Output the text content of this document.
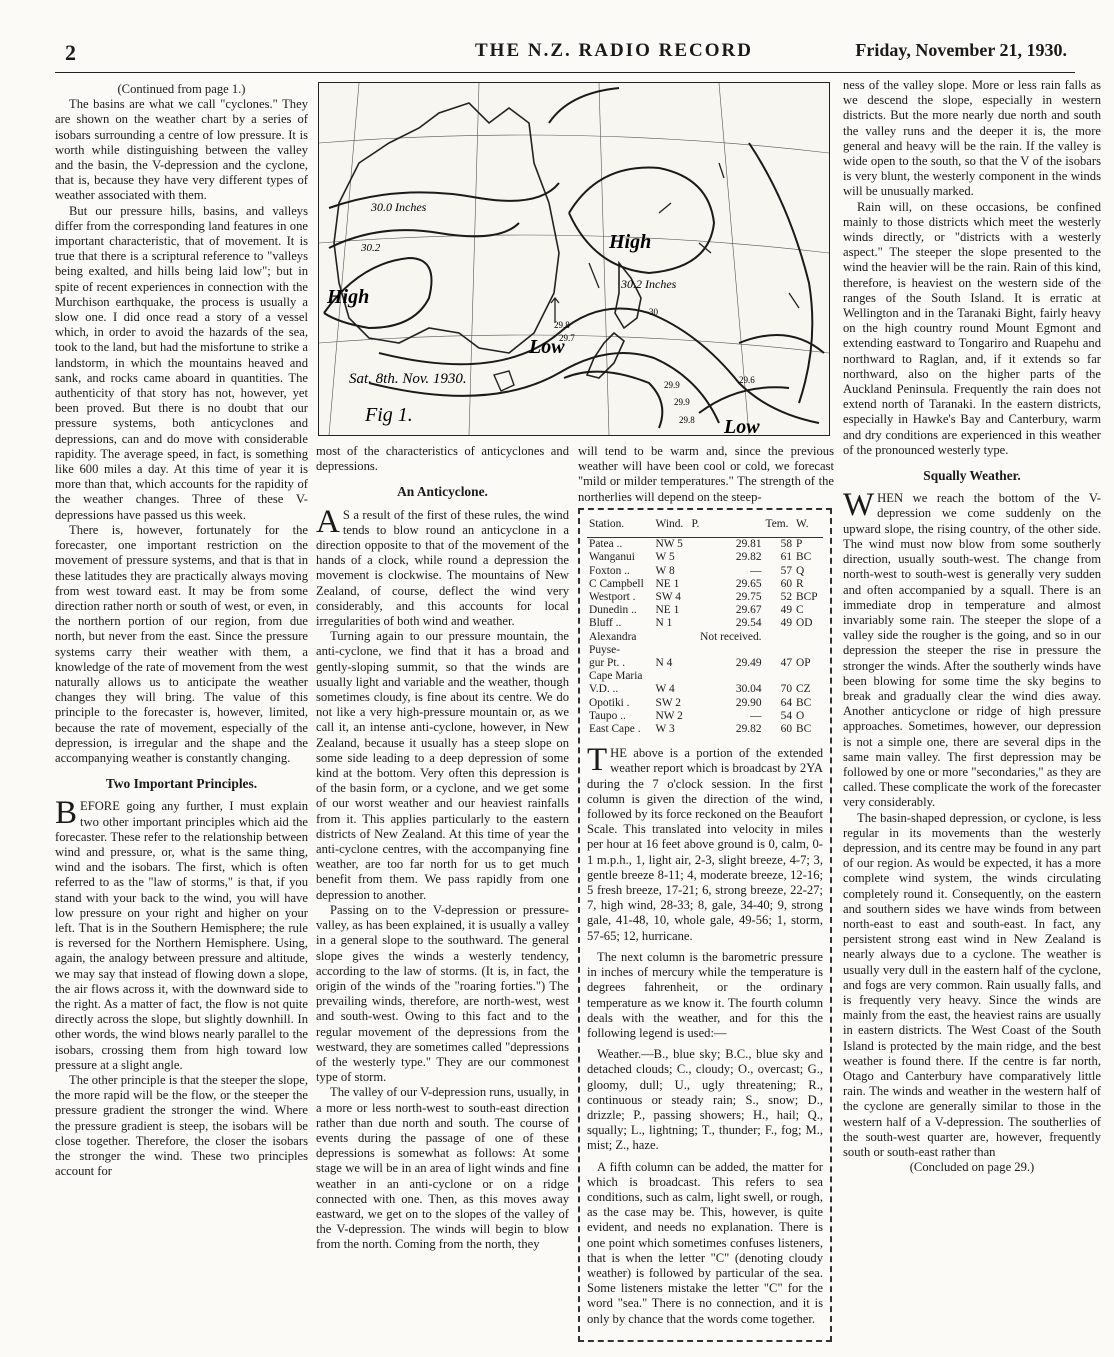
2	THE N.Z. RADIO RECORD	Friday, November 21, 1930.

(Continued from page 1.)

The basins are what we call "cyclones." They are shown on the weather chart by a series of isobars surrounding a centre of low pressure. It is worth while distinguishing between the valley and the basin, the V-depression and the cyclone, that is, because they have very different types of weather associated with them.

But our pressure hills, basins, and valleys differ from the corresponding land features in one important characteristic, that of movement. It is true that there is a scriptural reference to "valleys being exalted, and hills being laid low"; but in spite of recent experiences in connection with the Murchison earthquake, the process is usually a slow one. I did once read a story of a vessel which, in order to avoid the hazards of the sea, took to the land, but had the misfortune to strike a landstorm, in which the mountains heaved and sank, and rocks came aboard in quantities. The authenticity of that story has not, however, yet been proved. But there is no doubt that our pressure systems, both anticyclones and depressions, can and do move with considerable rapidity. The average speed, in fact, is something like 600 miles a day. At this time of year it is more than that, which accounts for the rapidity of the weather changes. Three of these V-depressions have passed us this week.

There is, however, fortunately for the forecaster, one important restriction on the movement of pressure systems, and that is that in these latitudes they are practically always moving from west toward east. It may be from some direction rather north or south of west, or even, in the northern portion of our region, from due north, but never from the east. Since the pressure systems carry their weather with them, a knowledge of the rate of movement from the west naturally allows us to anticipate the weather changes they will bring. The value of this principle to the forecaster is, however, limited, because the rate of movement, especially of the depression, is irregular and the shape and the accompanying weather is constantly changing.

Two Important Principles.

BEFORE going any further, I must explain two other important principles which aid the forecaster. These refer to the relationship between wind and pressure, or, what is the same thing, wind and the isobars. The first, which is often referred to as the "law of storms," is that, if you stand with your back to the wind, you will have low pressure on your right and higher on your left. That is in the Southern Hemisphere; the rule is reversed for the Northern Hemisphere. Using, again, the analogy between pressure and altitude, we may say that instead of flowing down a slope, the air flows across it, with the downward side to the right. As a matter of fact, the flow is not quite directly across the slope, but slightly downhill. In other words, the wind blows nearly parallel to the isobars, crossing them from high toward low pressure at a slight angle.

The other principle is that the steeper the slope, the more rapid will be the flow, or the steeper the pressure gradient the stronger the wind. Where the pressure gradient is steep, the isobars will be close together. Therefore, the closer the isobars the stronger the wind. These two principles account for

30.0 Inches
30.2
High
High
30.2 Inches
Low
Low
Sat. 8th. Nov. 1930.
Fig 1.
29.8
29.7
30
29.9
29.9
29.6
29.8

most of the characteristics of anticyclones and depressions.

An Anticyclone.

A S a result of the first of these rules, the wind tends to blow round an anticyclone in a direction opposite to that of the movement of the hands of a clock, while round a depression the movement is clockwise. The mountains of New Zealand, of course, deflect the wind very considerably, and this accounts for local irregularities of both wind and weather.

Turning again to our pressure mountain, the anti-cyclone, we find that it has a broad and gently-sloping summit, so that the winds are usually light and variable and the weather, though sometimes cloudy, is fine about its centre. We do not like a very high-pressure mountain or, as we call it, an intense anti-cyclone, however, in New Zealand, because it usually has a steep slope on some side leading to a deep depression of some kind at the bottom. Very often this depression is of the basin form, or a cyclone, and we get some of our worst weather and our heaviest rainfalls from it. This applies particularly to the eastern districts of New Zealand. At this time of year the anti-cyclone centres, with the accompanying fine weather, are too far north for us to get much benefit from them. We pass rapidly from one depression to another.

Passing on to the V-depression or pressure-valley, as has been explained, it is usually a valley in a general slope to the southward. The general slope gives the winds a westerly tendency, according to the law of storms. (It is, in fact, the origin of the winds of the "roaring forties.") The prevailing winds, therefore, are north-west, west and south-west. Owing to this fact and to the regular movement of the depressions from the westward, they are sometimes called "depressions of the westerly type." They are our commonest type of storm.

The valley of our V-depression runs, usually, in a more or less north-west to south-east direction rather than due north and south. The course of events during the passage of one of these depressions is somewhat as follows: At some stage we will be in an area of light winds and fine weather in an anti-cyclone or on a ridge connected with one. Then, as this moves away eastward, we get on to the slopes of the valley of the V-depression. The winds will begin to blow from the north. Coming from the north, they

will tend to be warm and, since the previous weather will have been cool or cold, we forecast "mild or milder temperatures." The strength of the northerlies will depend on the steep-

Station.	Wind.	P.	Tem.	W.
Patea ..	NW 5	29.81	58	P
Wanganui	W 5	29.82	61	BC
Foxton ..	W 8	—	57	Q
C Campbell	NE 1	29.65	60	R
Westport .	SW 4	29.75	52	BCP
Dunedin ..	NE 1	29.67	49	C
Bluff ..	N 1	29.54	49	OD
Alexandra		Not received.		
Puyse-				
gur Pt. .	N 4	29.49	47	OP
Cape Maria				
V.D. ..	W 4	30.04	70	CZ
Opotiki .	SW 2	29.90	64	BC
Taupo ..	NW 2	—	54	O
East Cape .	W 3	29.82	60	BC

THE above is a portion of the extended weather report which is broadcast by 2YA during the 7 o'clock session. In the first column is given the direction of the wind, followed by its force reckoned on the Beaufort Scale. This translated into velocity in miles per hour at 16 feet above ground is 0, calm, 0-1 m.p.h., 1, light air, 2-3, slight breeze, 4-7; 3, gentle breeze 8-11; 4, moderate breeze, 12-16; 5 fresh breeze, 17-21; 6, strong breeze, 22-27; 7, high wind, 28-33; 8, gale, 34-40; 9, strong gale, 41-48, 10, whole gale, 49-56; 1, storm, 57-65; 12, hurricane.

The next column is the barometric pressure in inches of mercury while the temperature is degrees fahrenheit, or the ordinary temperature as we know it. The fourth column deals with the weather, and for this the following legend is used:—

Weather.—B., blue sky; B.C., blue sky and detached clouds; C., cloudy; O., overcast; G., gloomy, dull; U., ugly threatening; R., continuous or steady rain; S., snow; D., drizzle; P., passing showers; H., hail; Q., squally; L., lightning; T., thunder; F., fog; M., mist; Z., haze.

A fifth column can be added, the matter for which is broadcast. This refers to sea conditions, such as calm, light swell, or rough, as the case may be. This, however, is quite evident, and needs no explanation. There is one point which sometimes confuses listeners, that is when the letter "C" (denoting cloudy weather) is followed by particular of the sea. Some listeners mistake the letter "C" for the word "sea." There is no connection, and it is only by chance that the words come together.

ness of the valley slope. More or less rain falls as we descend the slope, especially in western districts. But the more nearly due north and south the valley runs and the deeper it is, the more general and heavy will be the rain. If the valley is wide open to the south, so that the V of the isobars is very blunt, the westerly component in the winds will be unusually marked.

Rain will, on these occasions, be confined mainly to those districts which meet the westerly winds directly, or "districts with a westerly aspect." The steeper the slope presented to the wind the heavier will be the rain. Rain of this kind, therefore, is heaviest on the western side of the ranges of the South Island. It is erratic at Wellington and in the Taranaki Bight, fairly heavy on the high country round Mount Egmont and extending eastward to Tongariro and Ruapehu and northward to Raglan, and, if it extends so far northward, also on the higher parts of the Auckland Peninsula. Frequently the rain does not extend north of Taranaki. In the eastern districts, especially in Hawke's Bay and Canterbury, warm and dry conditions are experienced in this weather of the pronounced westerly type.

Squally Weather.

WHEN we reach the bottom of the V-depression we come suddenly on the upward slope, the rising country, of the other side. The wind must now blow from some southerly direction, usually south-west. The change from north-west to south-west is generally very sudden and often accompanied by a squall. There is an immediate drop in temperature and almost invariably some rain. The steeper the slope of a valley side the rougher is the going, and so in our depression the steeper the rise in pressure the stronger the winds. After the southerly winds have been blowing for some time the sky begins to break and gradually clear the wind dies away. Another anticyclone or ridge of high pressure approaches. Sometimes, however, our depression is not a simple one, there are several dips in the same main valley. The first depression may be followed by one or more "secondaries," as they are called. These complicate the work of the forecaster very considerably.

The basin-shaped depression, or cyclone, is less regular in its movements than the westerly depression, and its centre may be found in any part of our region. As would be expected, it has a more complete wind system, the winds circulating completely round it. Consequently, on the eastern and southern sides we have winds from between north-east to east and south-east. In fact, any persistent strong east wind in New Zealand is nearly always due to a cyclone. The weather is usually very dull in the eastern half of the cyclone, and fogs are very common. Rain usually falls, and is frequently very heavy. Since the winds are mainly from the east, the heaviest rains are usually in eastern districts. The West Coast of the South Island is protected by the main ridge, and the best weather is found there. If the centre is far north, Otago and Canterbury have comparatively little rain. The winds and weather in the western half of the cyclone are generally similar to those in the western half of a V-depression. The southerlies of the south-west quarter are, however, frequently south or south-east rather than

(Concluded on page 29.)
